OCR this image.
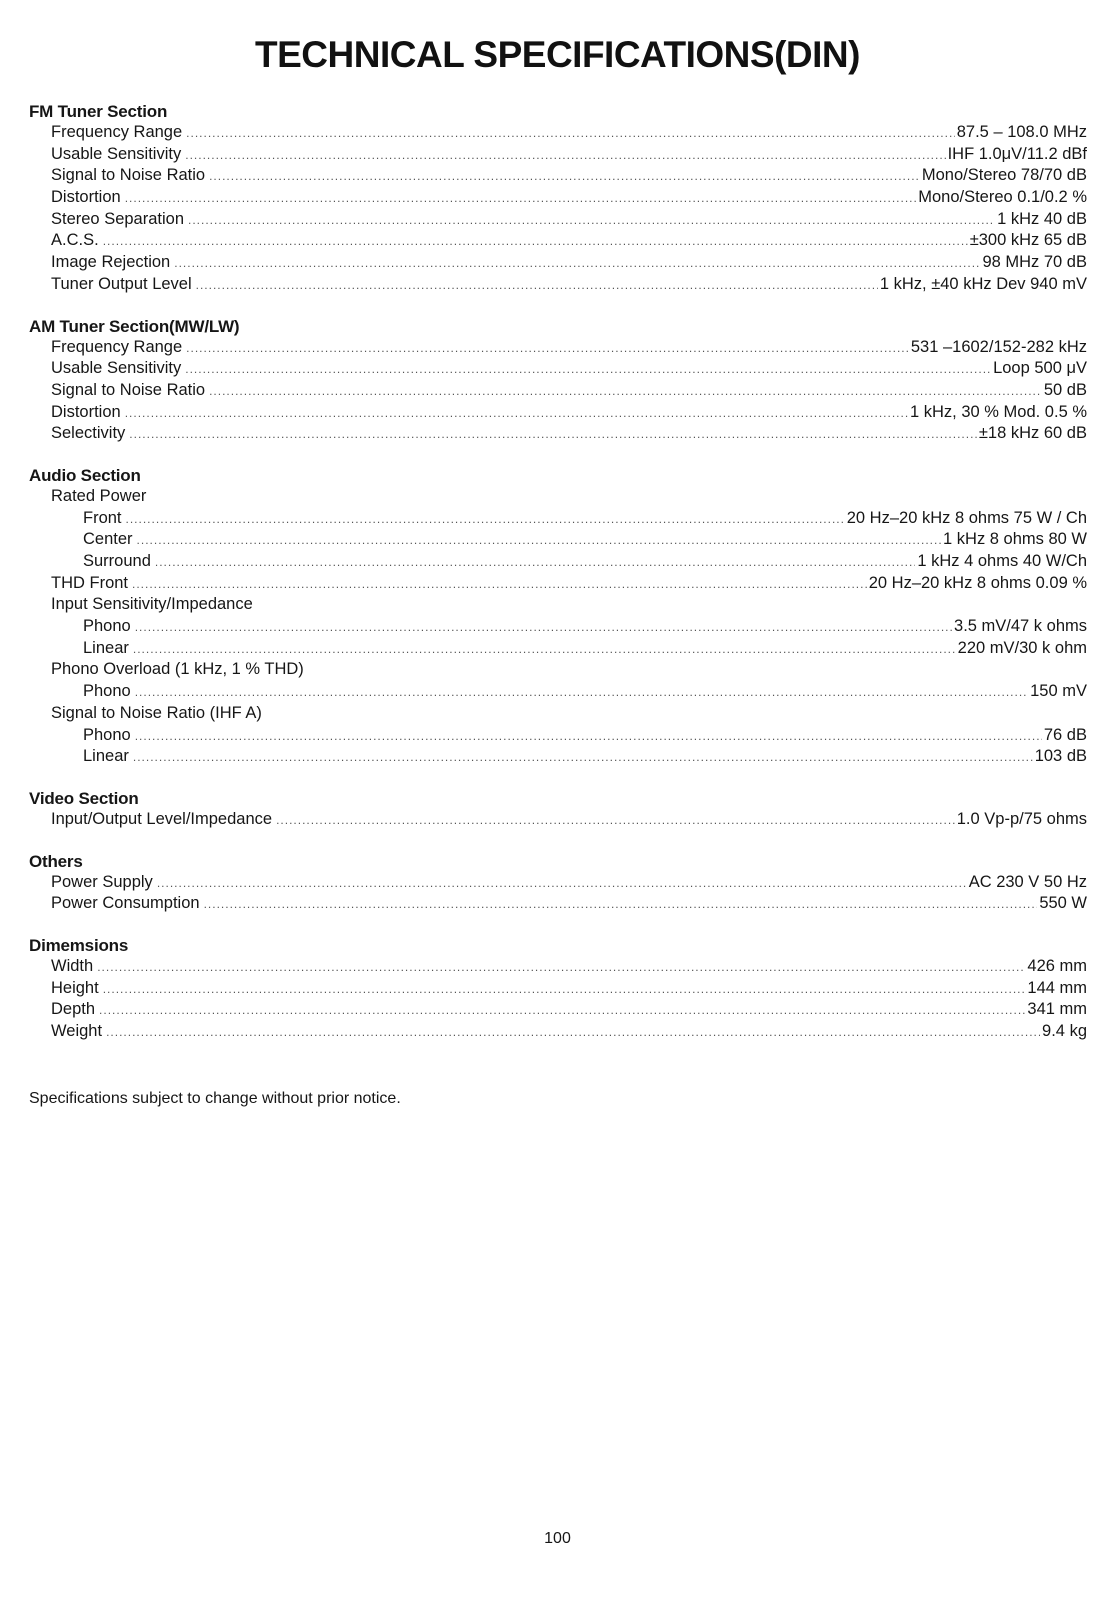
TECHNICAL SPECIFICATIONS(DIN)
FM Tuner Section
Frequency Range .....	87.5 – 108.0 MHz
Usable Sensitivity .....	IHF 1.0μV/11.2 dBf
Signal to Noise Ratio .....	Mono/Stereo 78/70 dB
Distortion .....	Mono/Stereo 0.1/0.2 %
Stereo Separation .....	1 kHz 40 dB
A.C.S. .....	±300 kHz 65 dB
Image Rejection .....	98 MHz 70 dB
Tuner Output Level .....	1 kHz, ±40 kHz Dev 940 mV
AM Tuner Section(MW/LW)
Frequency Range .....	531 –1602/152-282 kHz
Usable Sensitivity .....	Loop 500 μV
Signal to Noise Ratio .....	50 dB
Distortion .....	1 kHz, 30 % Mod. 0.5 %
Selectivity .....	±18 kHz 60 dB
Audio Section
Rated Power
Front .....	20 Hz–20 kHz 8 ohms 75 W / Ch
Center .....	1 kHz 8 ohms 80 W
Surround .....	1 kHz 4 ohms 40 W/Ch
THD Front .....	20 Hz–20 kHz 8 ohms 0.09 %
Input Sensitivity/Impedance
Phono .....	3.5 mV/47 k ohms
Linear .....	220 mV/30 k ohm
Phono Overload (1 kHz, 1 % THD)
Phono .....	150 mV
Signal to Noise Ratio (IHF A)
Phono .....	76 dB
Linear .....	103 dB
Video Section
Input/Output Level/Impedance .....	1.0 Vp-p/75 ohms
Others
Power Supply .....	AC 230 V 50 Hz
Power Consumption .....	550 W
Dimemsions
Width .....	426 mm
Height .....	144 mm
Depth .....	341 mm
Weight .....	9.4 kg

Specifications subject to change without prior notice.

100
